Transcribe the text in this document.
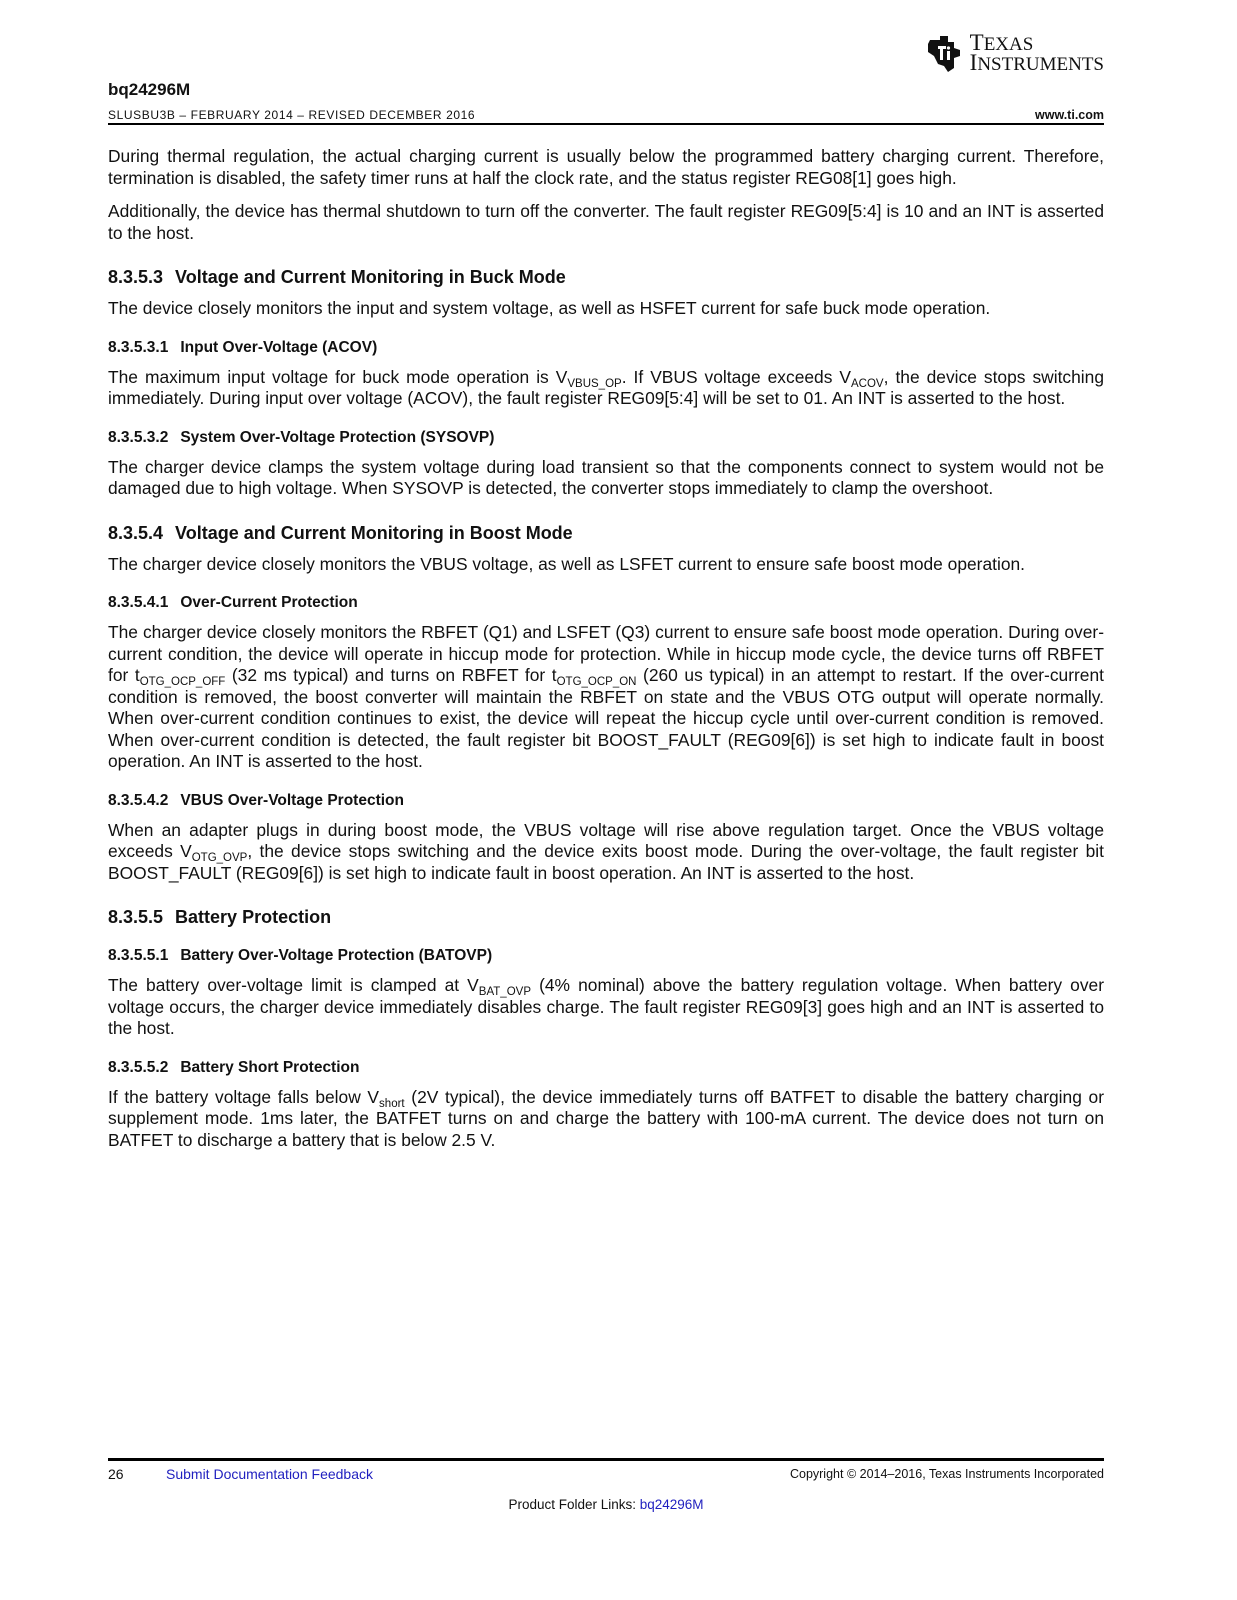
TEXAS
INSTRUMENTS
bq24296M
SLUSBU3B – FEBRUARY 2014 – REVISED DECEMBER 2016	www.ti.com

During thermal regulation, the actual charging current is usually below the programmed battery charging current. Therefore, termination is disabled, the safety timer runs at half the clock rate, and the status register REG08[1] goes high.

Additionally, the device has thermal shutdown to turn off the converter. The fault register REG09[5:4] is 10 and an INT is asserted to the host.

8.3.5.3 Voltage and Current Monitoring in Buck Mode

The device closely monitors the input and system voltage, as well as HSFET current for safe buck mode operation.

8.3.5.3.1 Input Over-Voltage (ACOV)

The maximum input voltage for buck mode operation is $V_{VBUS\_OP}$. If VBUS voltage exceeds $V_{ACOV}$, the device stops switching immediately. During input over voltage (ACOV), the fault register REG09[5:4] will be set to 01. An INT is asserted to the host.

8.3.5.3.2 System Over-Voltage Protection (SYSOVP)

The charger device clamps the system voltage during load transient so that the components connect to system would not be damaged due to high voltage. When SYSOVP is detected, the converter stops immediately to clamp the overshoot.

8.3.5.4 Voltage and Current Monitoring in Boost Mode

The charger device closely monitors the VBUS voltage, as well as LSFET current to ensure safe boost mode operation.

8.3.5.4.1 Over-Current Protection

The charger device closely monitors the RBFET (Q1) and LSFET (Q3) current to ensure safe boost mode operation. During over-current condition, the device will operate in hiccup mode for protection. While in hiccup mode cycle, the device turns off RBFET for $t_{OTG\_OCP\_OFF}$ (32 ms typical) and turns on RBFET for $t_{OTG\_OCP\_ON}$ (260 us typical) in an attempt to restart. If the over-current condition is removed, the boost converter will maintain the RBFET on state and the VBUS OTG output will operate normally. When over-current condition continues to exist, the device will repeat the hiccup cycle until over-current condition is removed. When over-current condition is detected, the fault register bit BOOST_FAULT (REG09[6]) is set high to indicate fault in boost operation. An INT is asserted to the host.

8.3.5.4.2 VBUS Over-Voltage Protection

When an adapter plugs in during boost mode, the VBUS voltage will rise above regulation target. Once the VBUS voltage exceeds $V_{OTG\_OVP}$, the device stops switching and the device exits boost mode. During the over-voltage, the fault register bit BOOST_FAULT (REG09[6]) is set high to indicate fault in boost operation. An INT is asserted to the host.

8.3.5.5 Battery Protection
8.3.5.5.1 Battery Over-Voltage Protection (BATOVP)

The battery over-voltage limit is clamped at $V_{BAT\_OVP}$ (4% nominal) above the battery regulation voltage. When battery over voltage occurs, the charger device immediately disables charge. The fault register REG09[3] goes high and an INT is asserted to the host.

8.3.5.5.2 Battery Short Protection

If the battery voltage falls below $V_{short}$ (2V typical), the device immediately turns off BATFET to disable the battery charging or supplement mode. 1ms later, the BATFET turns on and charge the battery with 100-mA current. The device does not turn on BATFET to discharge a battery that is below 2.5 V.

26	Submit Documentation Feedback	Copyright © 2014–2016, Texas Instruments Incorporated
Product Folder Links: bq24296M
